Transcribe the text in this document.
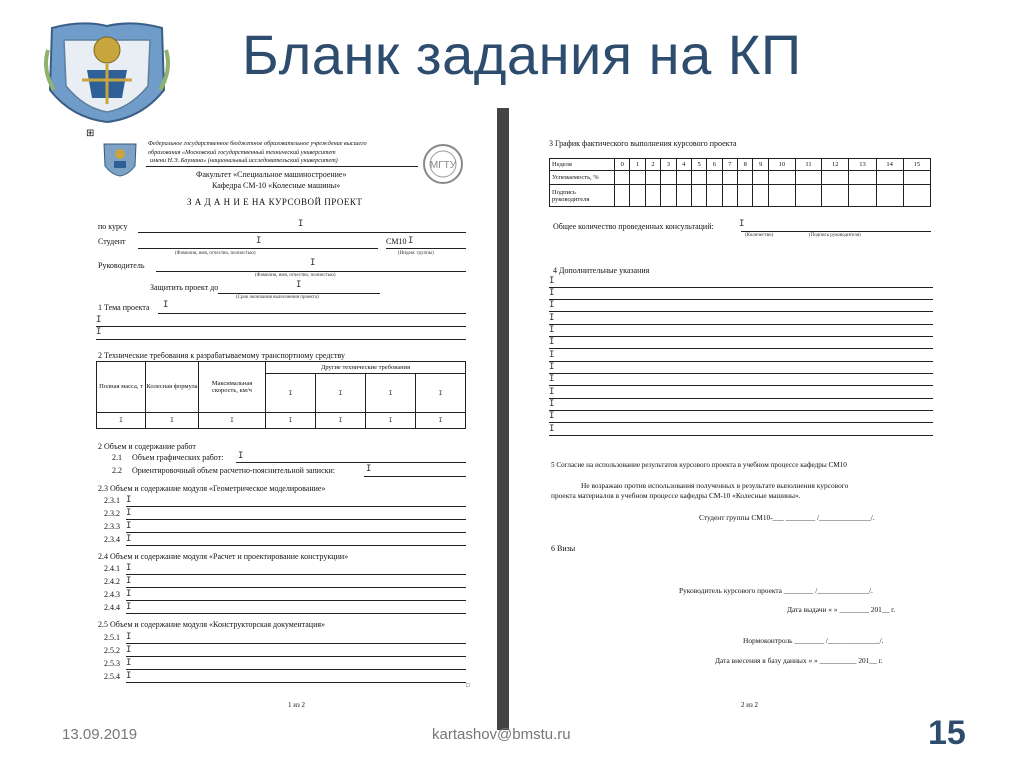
Бланк задания на КП
⊞
МГТУ
Федеральное государственное бюджетное образовательное учреждение высшего
образования «Московский государственный технический университет
имени Н.Э. Баумана» (национальный исследовательский университет)
Факультет «Специальное машиностроение»
Кафедра СМ-10 «Колесные машины»
З А Д А Н И Е НА КУРСОВОЙ ПРОЕКТ
по курсу	I
Студент	I	СМ10 I
(Фамилия, имя, отчество, полностью)	(Индекс группы)
Руководитель	I
(Фамилия, имя, отчество, полностью)
Защитить проект до	I
(Срок окончания выполнения проекта)
1 Тема проекта I
I
I
2 Технические требования к разрабатываемому транспортному средству
Полная масса, т	Колесная формула	Максимальная скорость, км/ч	Другие технические требования			
			I	I	I	I
I	I	I	I	I	I	I
2 Объем и содержание работ
2.1 Объем графических работ: I
2.2 Ориентировочный объем расчетно-пояснительной записки:	I
2.3 Объем и содержание модуля «Геометрическое моделирование»
2.3.1 I
2.3.2 I
2.3.3 I
2.3.4 I
2.4 Объем и содержание модуля «Расчет и проектирование конструкции»
2.4.1 I
2.4.2 I
2.4.3 I
2.4.4 I
2.5 Объем и содержание модуля «Конструкторская документация»
2.5.1 I
2.5.2 I
2.5.3 I
2.5.4 I
□
1 из 2
3 График фактического выполнения курсового проекта
Неделя	0	1	2	3	4	5	6	7	8	9	10	11	12	13	14	15
Успеваемость, %																
Подпись руководителя																
Общее количество проведенных консультаций:	I
(Количество)	(Подпись руководителя)
4 Дополнительные указания
I
I
I
I
I
I
I
I
I
I
I
I
I
5 Согласие на использование результатов курсового проекта в учебном процессе кафедры СМ10
Не возражаю против использования полученных в результате выполнения курсового
проекта материалов в учебном процессе кафедры СМ-10 «Колесные машины».
Студент группы СМ10-___ ________ /______________/.
6 Визы
Руководитель курсового проекта ________ /______________/.
Дата выдачи « » ________ 201__ г.
Нормоконтроль ________ /______________/.
Дата внесения в базу данных « » __________ 201__ г.
2 из 2
13.09.2019	kartashov@bmstu.ru	15
